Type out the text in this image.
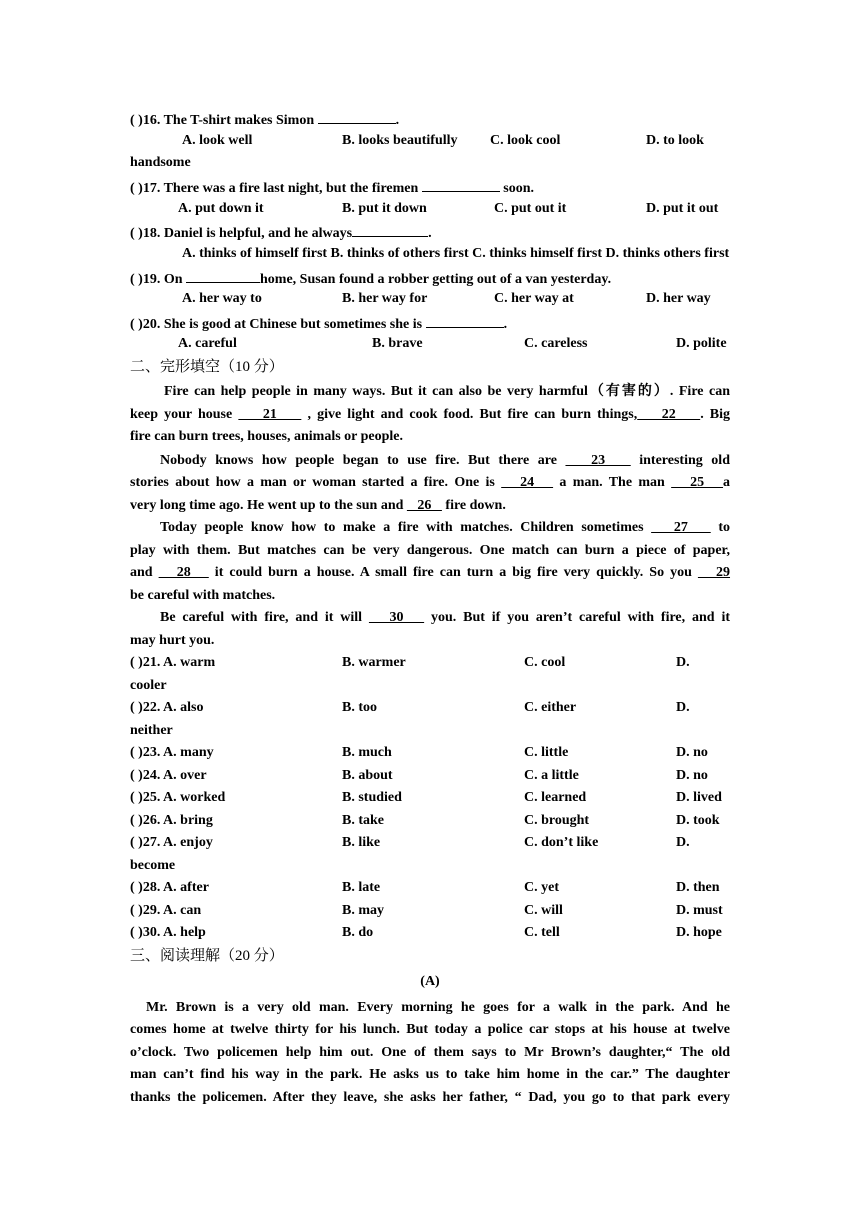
( )16. The T-shirt makes Simon	.
A. look well	B. looks beautifully C. look cool	D. to look
handsome
( )17. There was a fire last night, but the firemen	soon.
A. put down it	B. put it down	C. put out it	D. put it out
( )18. Daniel is helpful, and he always	.
A. thinks of himself first B. thinks of others first C. thinks himself first D. thinks others first
( )19. On	home, Susan found a robber getting out of a van yesterday.
A. her way to	B. her way for	C. her way at	D. her way
( )20. She is good at Chinese but sometimes she is	.
A. careful	B. brave	C. careless	D. polite
二、完形填空（10 分）
Fire can help people in many ways. But it can also be very harmful（有害的）. Fire can
keep your house     21     , give light and cook food. But fire can burn things,    22    . Big
fire can burn trees, houses, animals or people.
Nobody knows how people began to use fire. But there are    23    interesting old
stories about how a man or woman started a fire. One is    24    a man. The man    25   a
very long time ago. He went up to the sun and    26    fire down.
Today people know how to make a fire with matches. Children sometimes    27    to
play with them. But matches can be very dangerous. One match can burn a piece of paper,
and    28    it could burn a house. A small fire can turn a big fire very quickly. So you    29
be careful with matches.
Be careful with fire, and it will    30    you. But if you aren’t careful with fire, and it
may hurt you.
( )21. A. warm	B. warmer	C. cool	D.
cooler
( )22. A. also	B. too	C. either	D.
neither
( )23. A. many	B. much	C. little	D. no
( )24. A. over	B. about	C. a little	D. no
( )25. A. worked	B. studied	C. learned	D. lived
( )26. A. bring	B. take	C. brought	D. took
( )27. A. enjoy	B. like	C. don’t like	D.
become
( )28. A. after	B. late	C. yet	D. then
( )29. A. can	B. may	C. will	D. must
( )30. A. help	B. do	C. tell	D. hope
三、阅读理解（20 分）
(A)
Mr. Brown is a very old man. Every morning he goes for a walk in the park. And he
comes home at twelve thirty for his lunch. But today a police car stops at his house at twelve
o’clock. Two policemen help him out. One of them says to Mr Brown’s daughter,“ The old
man can’t find his way in the park. He asks us to take him home in the car.” The daughter
thanks the policemen. After they leave, she asks her father, “ Dad, you go to that park every
